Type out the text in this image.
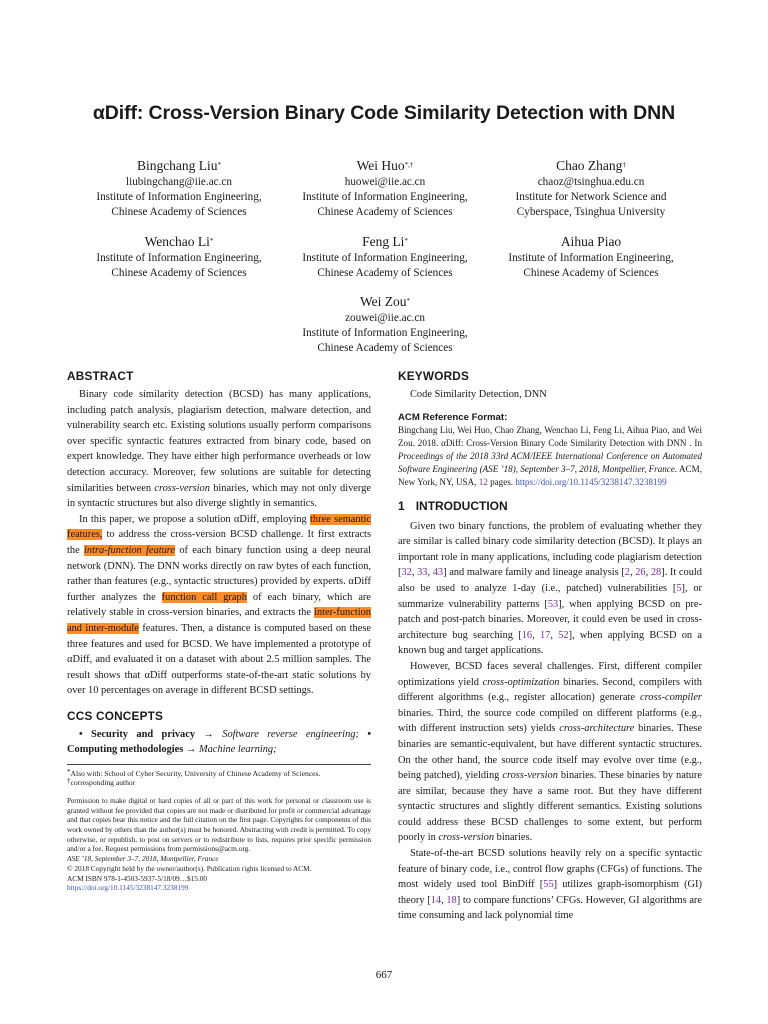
αDiff: Cross-Version Binary Code Similarity Detection with DNN
Bingchang Liu*
liubingchang@iie.ac.cn
Institute of Information Engineering,
Chinese Academy of Sciences
Wei Huo*,†
huowei@iie.ac.cn
Institute of Information Engineering,
Chinese Academy of Sciences
Chao Zhang†
chaoz@tsinghua.edu.cn
Institute for Network Science and
Cyberspace, Tsinghua University
Wenchao Li*
Institute of Information Engineering,
Chinese Academy of Sciences
Feng Li*
Institute of Information Engineering,
Chinese Academy of Sciences
Aihua Piao
Institute of Information Engineering,
Chinese Academy of Sciences
Wei Zou*
zouwei@iie.ac.cn
Institute of Information Engineering,
Chinese Academy of Sciences
ABSTRACT

Binary code similarity detection (BCSD) has many applications, including patch analysis, plagiarism detection, malware detection, and vulnerability search etc. Existing solutions usually perform comparisons over specific syntactic features extracted from binary code, based on expert knowledge. They have either high performance overheads or low detection accuracy. Moreover, few solutions are suitable for detecting similarities between cross-version binaries, which may not only diverge in syntactic structures but also diverge slightly in semantics.

In this paper, we propose a solution αDiff, employing three semantic features, to address the cross-version BCSD challenge. It first extracts the intra-function feature of each binary function using a deep neural network (DNN). The DNN works directly on raw bytes of each function, rather than features (e.g., syntactic structures) provided by experts. αDiff further analyzes the function call graph of each binary, which are relatively stable in cross-version binaries, and extracts the inter-function and inter-module features. Then, a distance is computed based on these three features and used for BCSD. We have implemented a prototype of αDiff, and evaluated it on a dataset with about 2.5 million samples. The result shows that αDiff outperforms state-of-the-art static solutions by over 10 percentages on average in different BCSD settings.

CCS CONCEPTS

• Security and privacy → Software reverse engineering; • Computing methodologies → Machine learning;

*Also with: School of Cyber Security, University of Chinese Academy of Sciences.

†corresponding author

Permission to make digital or hard copies of all or part of this work for personal or classroom use is granted without fee provided that copies are not made or distributed for profit or commercial advantage and that copies bear this notice and the full citation on the first page. Copyrights for components of this work owned by others than the author(s) must be honored. Abstracting with credit is permitted. To copy otherwise, or republish, to post on servers or to redistribute to lists, requires prior specific permission and/or a fee. Request permissions from permissions@acm.org.

ASE ’18, September 3–7, 2018, Montpellier, France

© 2018 Copyright held by the owner/author(s). Publication rights licensed to ACM.

ACM ISBN 978-1-4503-5937-5/18/09…$15.00

https://doi.org/10.1145/3238147.3238199

KEYWORDS

Code Similarity Detection, DNN

ACM Reference Format:

Bingchang Liu, Wei Huo, Chao Zhang, Wenchao Li, Feng Li, Aihua Piao, and Wei Zou. 2018. αDiff: Cross-Version Binary Code Similarity Detection with DNN . In Proceedings of the 2018 33rd ACM/IEEE International Conference on Automated Software Engineering (ASE ’18), September 3–7, 2018, Montpellier, France. ACM, New York, NY, USA, 12 pages. https://doi.org/10.1145/3238147.3238199

1 INTRODUCTION

Given two binary functions, the problem of evaluating whether they are similar is called binary code similarity detection (BCSD). It plays an important role in many applications, including code plagiarism detection [32, 33, 43] and malware family and lineage analysis [2, 26, 28]. It could also be used to analyze 1-day (i.e., patched) vulnerabilities [5], or summarize vulnerability patterns [53], when applying BCSD on pre-patch and post-patch binaries. Moreover, it could even be used in cross-architecture bug searching [16, 17, 52], when applying BCSD on a known bug and target applications.

However, BCSD faces several challenges. First, different compiler optimizations yield cross-optimization binaries. Second, compilers with different algorithms (e.g., register allocation) generate cross-compiler binaries. Third, the source code compiled on different platforms (e.g., with different instruction sets) yields cross-architecture binaries. These binaries are semantic-equivalent, but have different syntactic structures. On the other hand, the source code itself may evolve over time (e.g., being patched), yielding cross-version binaries. These binaries by nature are similar, because they have a same root. But they have different syntactic structures and slightly different semantics. Existing solutions could address these BCSD challenges to some extent, but perform poorly in cross-version binaries.

State-of-the-art BCSD solutions heavily rely on a specific syntactic feature of binary code, i.e., control flow graphs (CFGs) of functions. The most widely used tool BinDiff [55] utilizes graph-isomorphism (GI) theory [14, 18] to compare functions’ CFGs. However, GI algorithms are time consuming and lack polynomial time

667
